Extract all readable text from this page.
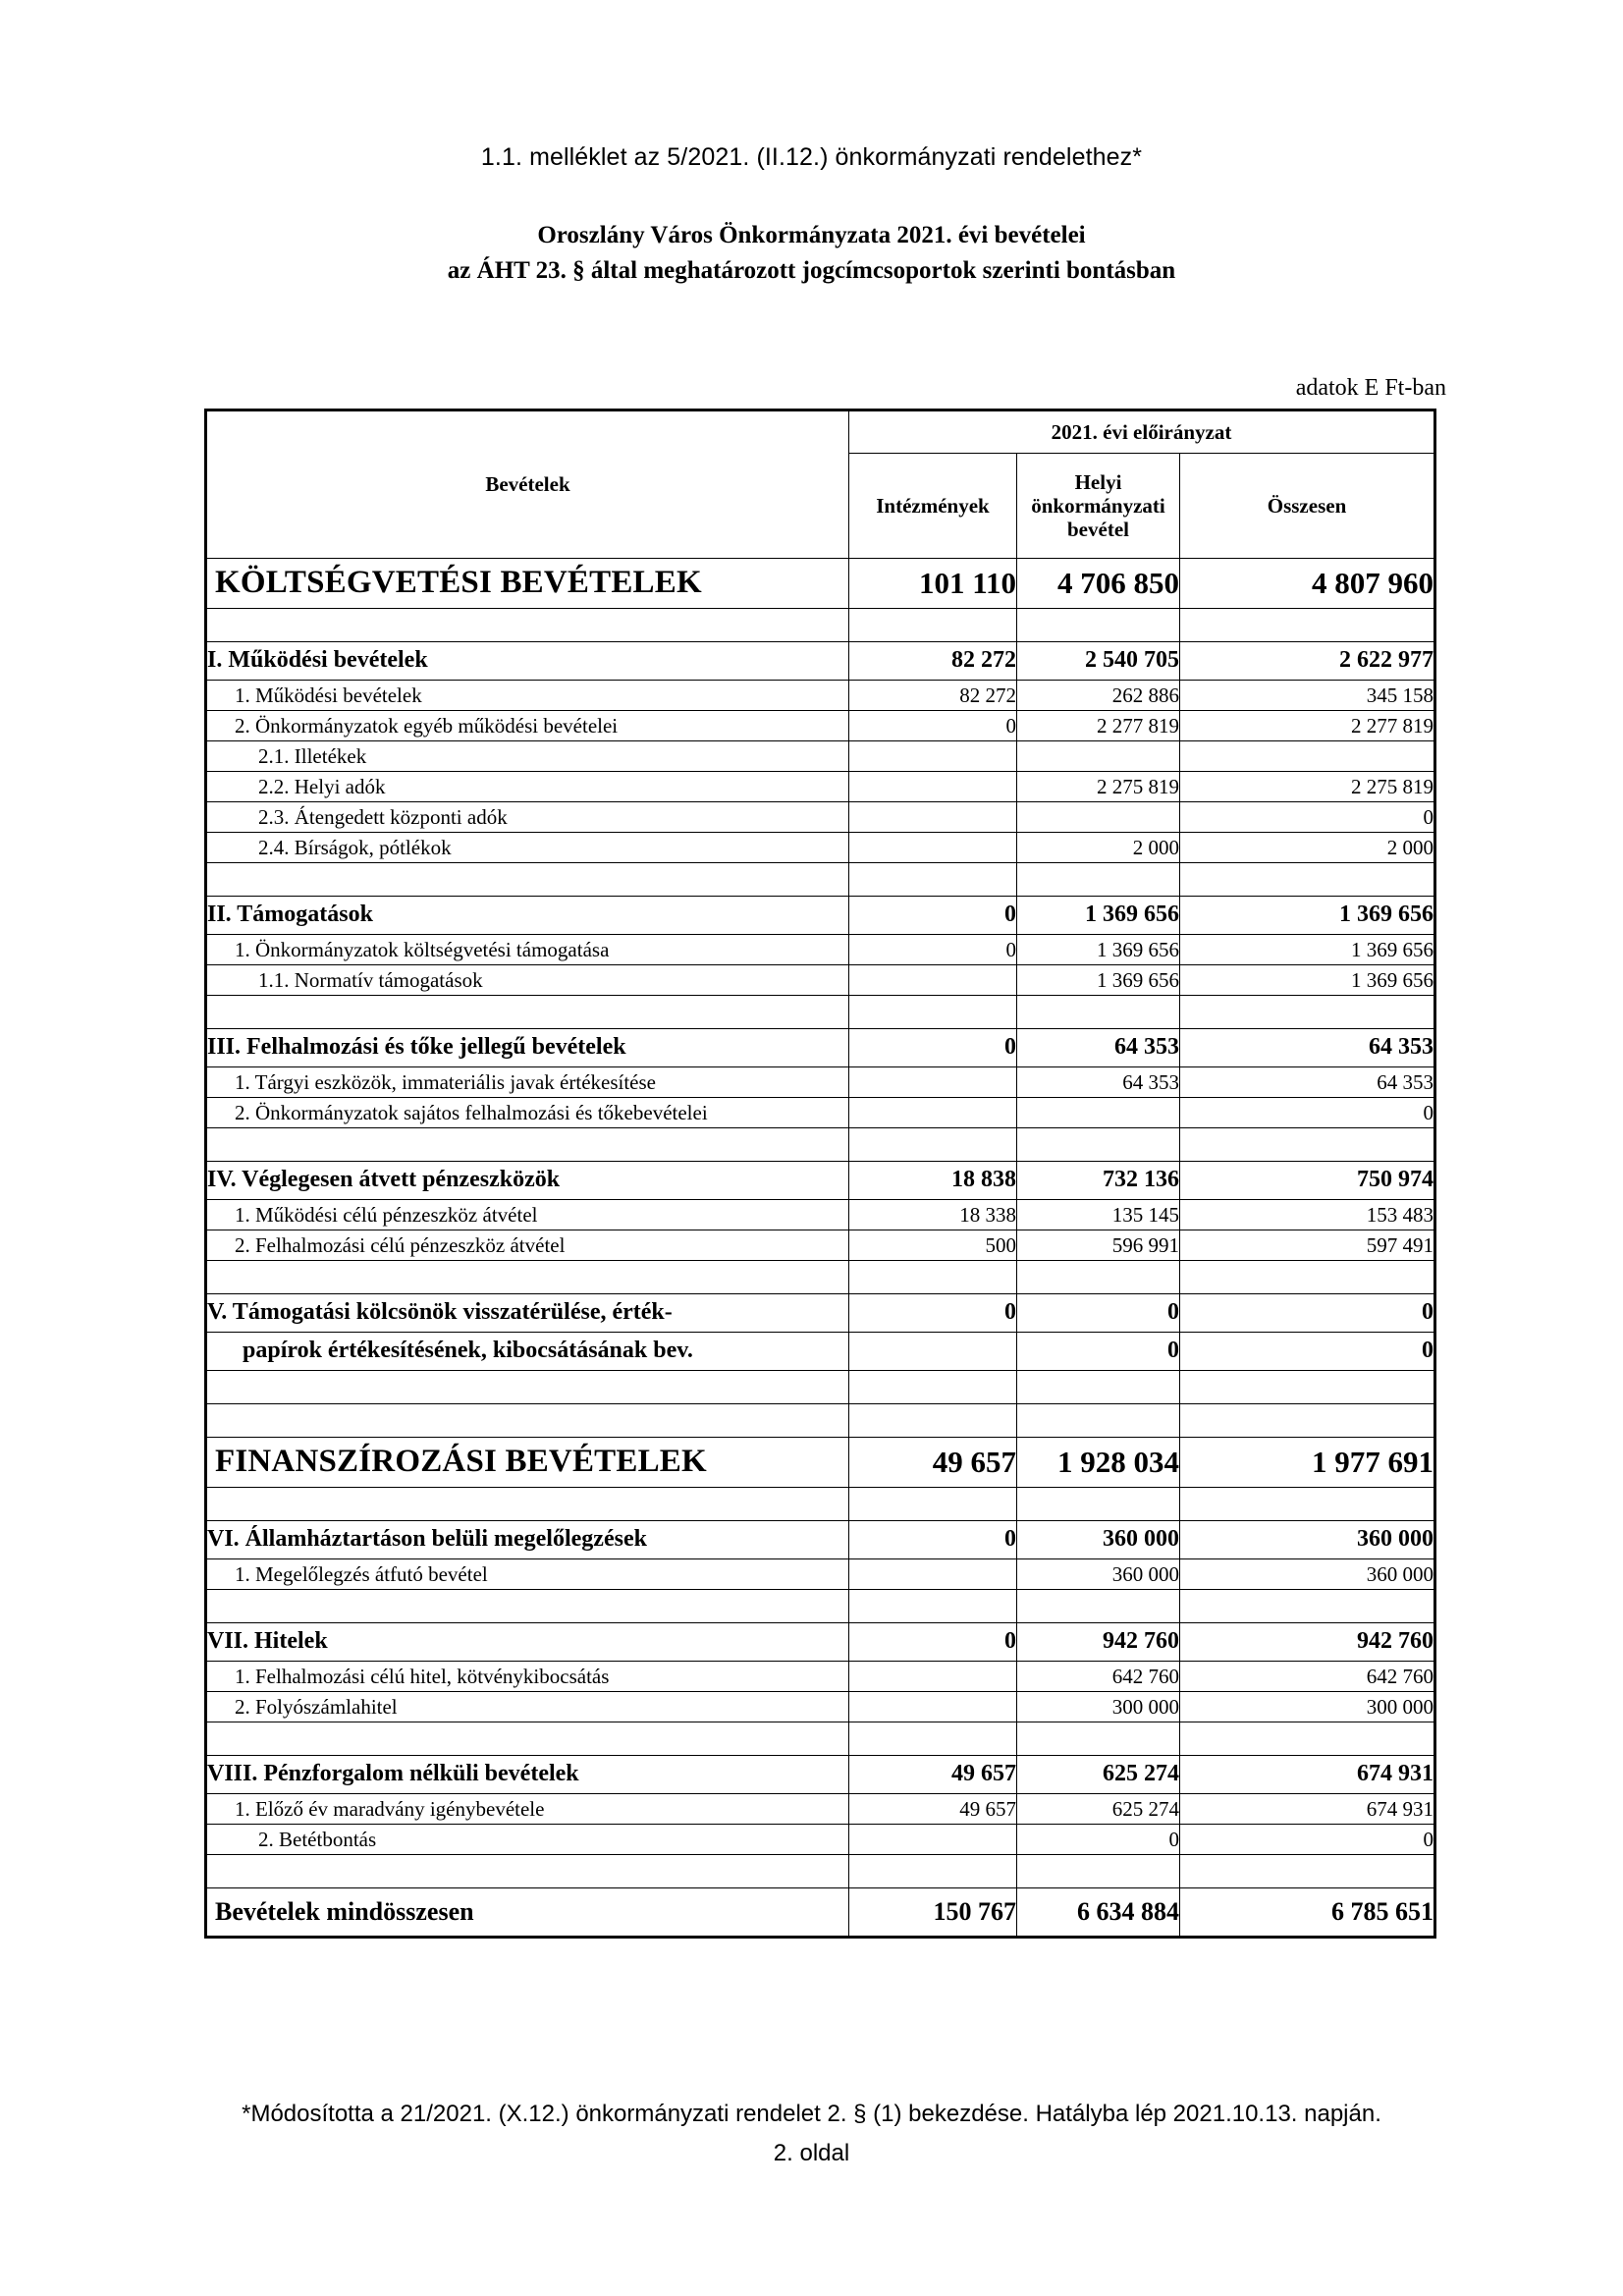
1.1. melléklet az 5/2021. (II.12.) önkormányzati rendelethez*
Oroszlány Város Önkormányzata 2021. évi bevételei
az ÁHT 23. § által meghatározott jogcímcsoportok szerinti bontásban
adatok E Ft-ban
Bevételek	2021. évi előirányzat		
	Intézmények	Helyi önkormányzati bevétel	Összesen
KÖLTSÉGVETÉSI BEVÉTELEK	101 110	4 706 850	4 807 960

I. Működési bevételek	82 272	2 540 705	2 622 977
1. Működési bevételek	82 272	262 886	345 158
2. Önkormányzatok egyéb működési bevételei	0	2 277 819	2 277 819
2.1. Illetékek			
2.2. Helyi adók		2 275 819	2 275 819
2.3. Átengedett központi adók			0
2.4. Bírságok, pótlékok		2 000	2 000

II. Támogatások	0	1 369 656	1 369 656
1. Önkormányzatok költségvetési támogatása	0	1 369 656	1 369 656
1.1. Normatív támogatások		1 369 656	1 369 656

III. Felhalmozási és tőke jellegű bevételek	0	64 353	64 353
1. Tárgyi eszközök, immateriális javak értékesítése		64 353	64 353
2. Önkormányzatok sajátos felhalmozási és tőkebevételei			0

IV. Véglegesen átvett pénzeszközök	18 838	732 136	750 974
1. Működési célú pénzeszköz átvétel	18 338	135 145	153 483
2. Felhalmozási célú pénzeszköz átvétel	500	596 991	597 491

V. Támogatási kölcsönök visszatérülése, érték-	0	0	0
papírok értékesítésének, kibocsátásának bev.		0	0

FINANSZÍROZÁSI BEVÉTELEK	49 657	1 928 034	1 977 691

VI. Államháztartáson belüli megelőlegzések	0	360 000	360 000
1. Megelőlegzés átfutó bevétel		360 000	360 000

VII. Hitelek	0	942 760	942 760
1. Felhalmozási célú hitel, kötvénykibocsátás		642 760	642 760
2. Folyószámlahitel		300 000	300 000

VIII. Pénzforgalom nélküli bevételek	49 657	625 274	674 931
1. Előző év maradvány igénybevétele	49 657	625 274	674 931
2. Betétbontás		0	0

Bevételek mindösszesen	150 767	6 634 884	6 785 651
*Módosította a 21/2021. (X.12.) önkormányzati rendelet 2. § (1) bekezdése. Hatályba lép 2021.10.13. napján.
2. oldal
